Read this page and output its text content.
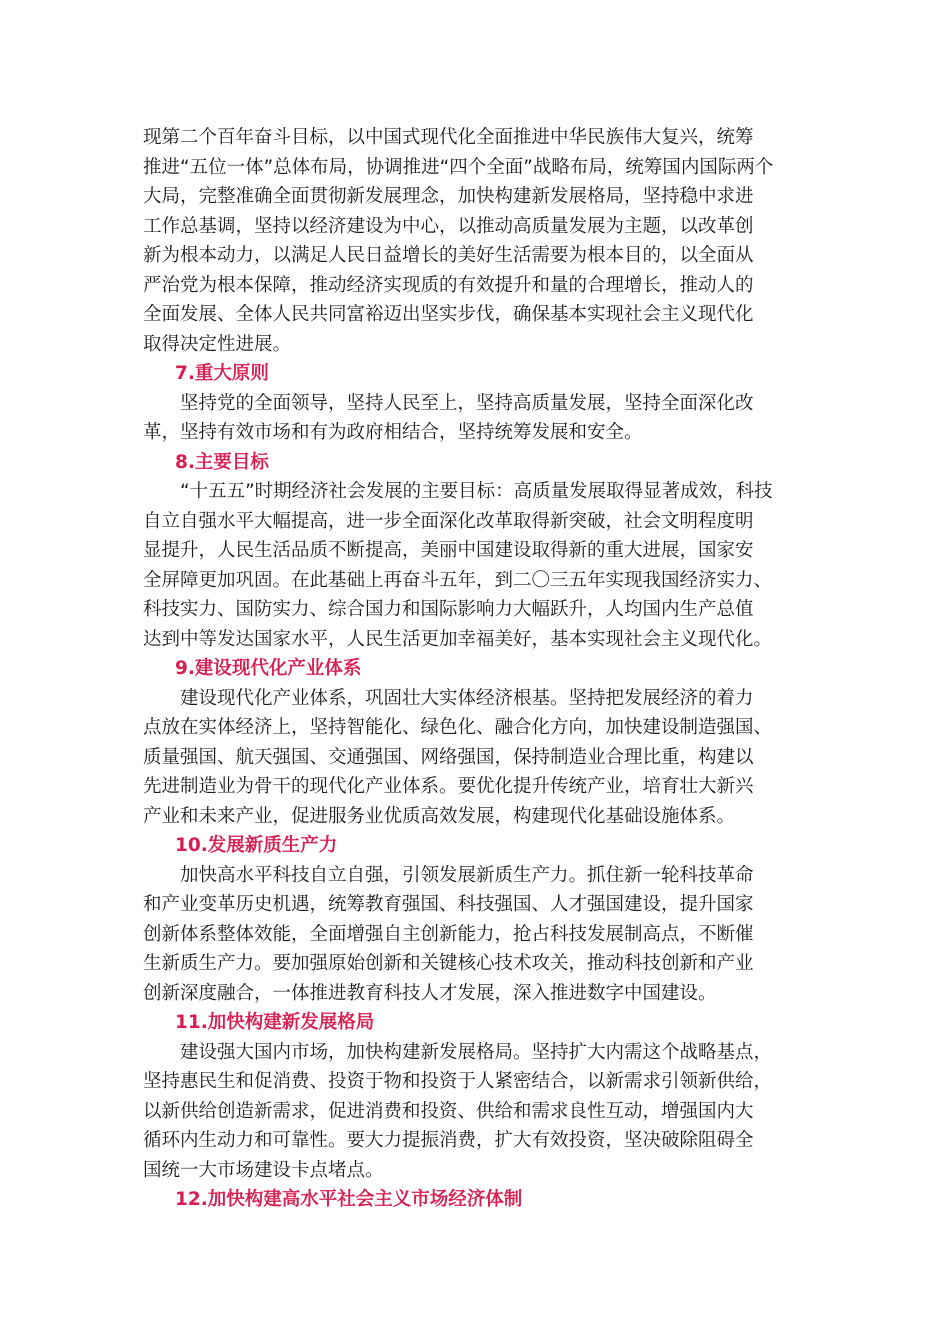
现第二个百年奋斗目标，以中国式现代化全面推进中华民族伟大复兴，统筹
推进“五位一体”总体布局，协调推进“四个全面”战略布局，统筹国内国际两个
大局，完整准确全面贯彻新发展理念，加快构建新发展格局，坚持稳中求进
工作总基调，坚持以经济建设为中心，以推动高质量发展为主题，以改革创
新为根本动力，以满足人民日益增长的美好生活需要为根本目的，以全面从
严治党为根本保障，推动经济实现质的有效提升和量的合理增长，推动人的
全面发展、全体人民共同富裕迈出坚实步伐，确保基本实现社会主义现代化
取得决定性进展。
7.重大原则
坚持党的全面领导，坚持人民至上，坚持高质量发展，坚持全面深化改
革，坚持有效市场和有为政府相结合，坚持统筹发展和安全。
8.主要目标
“十五五”时期经济社会发展的主要目标：高质量发展取得显著成效，科技
自立自强水平大幅提高，进一步全面深化改革取得新突破，社会文明程度明
显提升，人民生活品质不断提高，美丽中国建设取得新的重大进展，国家安
全屏障更加巩固。在此基础上再奋斗五年，到二〇三五年实现我国经济实力、
科技实力、国防实力、综合国力和国际影响力大幅跃升，人均国内生产总值
达到中等发达国家水平，人民生活更加幸福美好，基本实现社会主义现代化。
9.建设现代化产业体系
建设现代化产业体系，巩固壮大实体经济根基。坚持把发展经济的着力
点放在实体经济上，坚持智能化、绿色化、融合化方向，加快建设制造强国、
质量强国、航天强国、交通强国、网络强国，保持制造业合理比重，构建以
先进制造业为骨干的现代化产业体系。要优化提升传统产业，培育壮大新兴
产业和未来产业，促进服务业优质高效发展，构建现代化基础设施体系。
10.发展新质生产力
加快高水平科技自立自强，引领发展新质生产力。抓住新一轮科技革命
和产业变革历史机遇，统筹教育强国、科技强国、人才强国建设，提升国家
创新体系整体效能，全面增强自主创新能力，抢占科技发展制高点，不断催
生新质生产力。要加强原始创新和关键核心技术攻关，推动科技创新和产业
创新深度融合，一体推进教育科技人才发展，深入推进数字中国建设。
11.加快构建新发展格局
建设强大国内市场，加快构建新发展格局。坚持扩大内需这个战略基点，
坚持惠民生和促消费、投资于物和投资于人紧密结合，以新需求引领新供给，
以新供给创造新需求，促进消费和投资、供给和需求良性互动，增强国内大
循环内生动力和可靠性。要大力提振消费，扩大有效投资，坚决破除阻碍全
国统一大市场建设卡点堵点。
12.加快构建高水平社会主义市场经济体制
